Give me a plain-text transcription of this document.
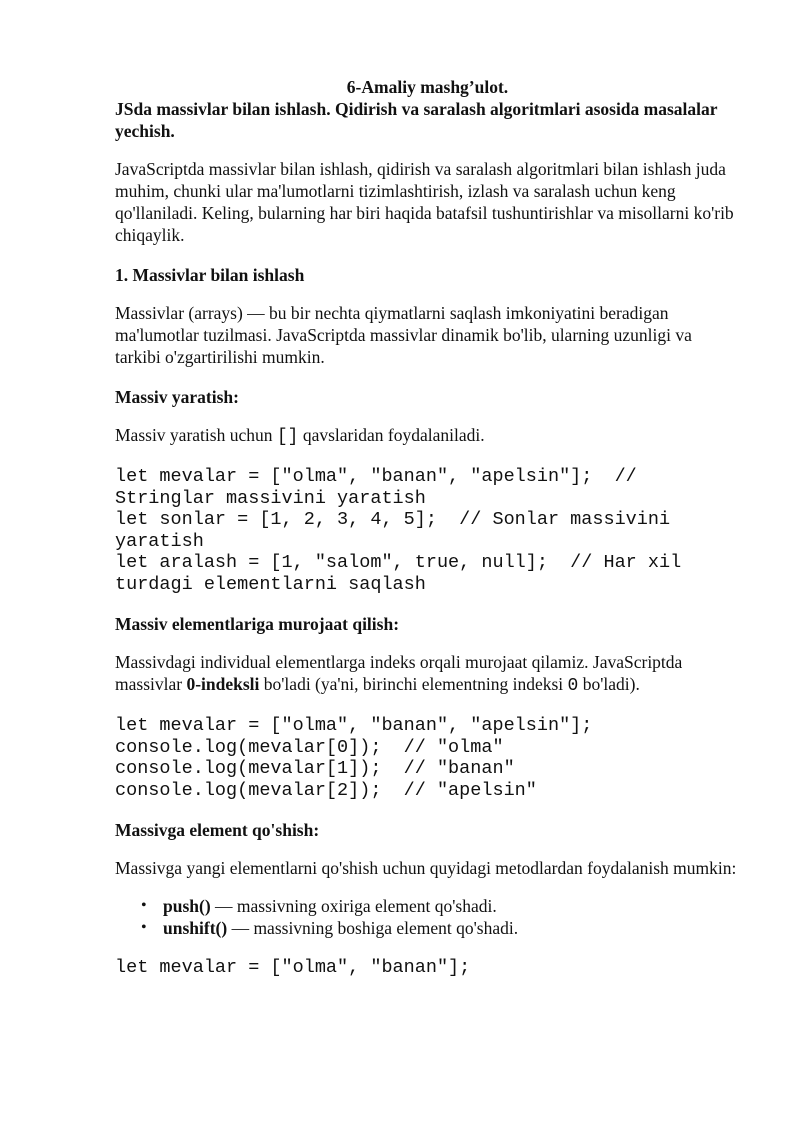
6-Amaliy mashg’ulot.

JSda massivlar bilan ishlash. Qidirish va saralash algoritmlari asosida masalalar yechish.

JavaScriptda massivlar bilan ishlash, qidirish va saralash algoritmlari bilan ishlash juda muhim, chunki ular ma'lumotlarni tizimlashtirish, izlash va saralash uchun keng qo'llaniladi. Keling, bularning har biri haqida batafsil tushuntirishlar va misollarni ko'rib chiqaylik.

1. Massivlar bilan ishlash

Massivlar (arrays) — bu bir nechta qiymatlarni saqlash imkoniyatini beradigan ma'lumotlar tuzilmasi. JavaScriptda massivlar dinamik bo'lib, ularning uzunligi va tarkibi o'zgartirilishi mumkin.

Massiv yaratish:

Massiv yaratish uchun [] qavslaridan foydalaniladi.

let mevalar = ["olma", "banan", "apelsin"];  // Stringlar massivini yaratish
let sonlar = [1, 2, 3, 4, 5];  // Sonlar massivini yaratish
let aralash = [1, "salom", true, null];  // Har xil turdagi elementlarni saqlash

Massiv elementlariga murojaat qilish:

Massivdagi individual elementlarga indeks orqali murojaat qilamiz. JavaScriptda massivlar 0-indeksli bo'ladi (ya'ni, birinchi elementning indeksi 0 bo'ladi).

let mevalar = ["olma", "banan", "apelsin"];
console.log(mevalar[0]);  // "olma"
console.log(mevalar[1]);  // "banan"
console.log(mevalar[2]);  // "apelsin"

Massivga element qo'shish:

Massivga yangi elementlarni qo'shish uchun quyidagi metodlardan foydalanish mumkin:

• push() — massivning oxiriga element qo'shadi.
• unshift() — massivning boshiga element qo'shadi.
let mevalar = ["olma", "banan"];
